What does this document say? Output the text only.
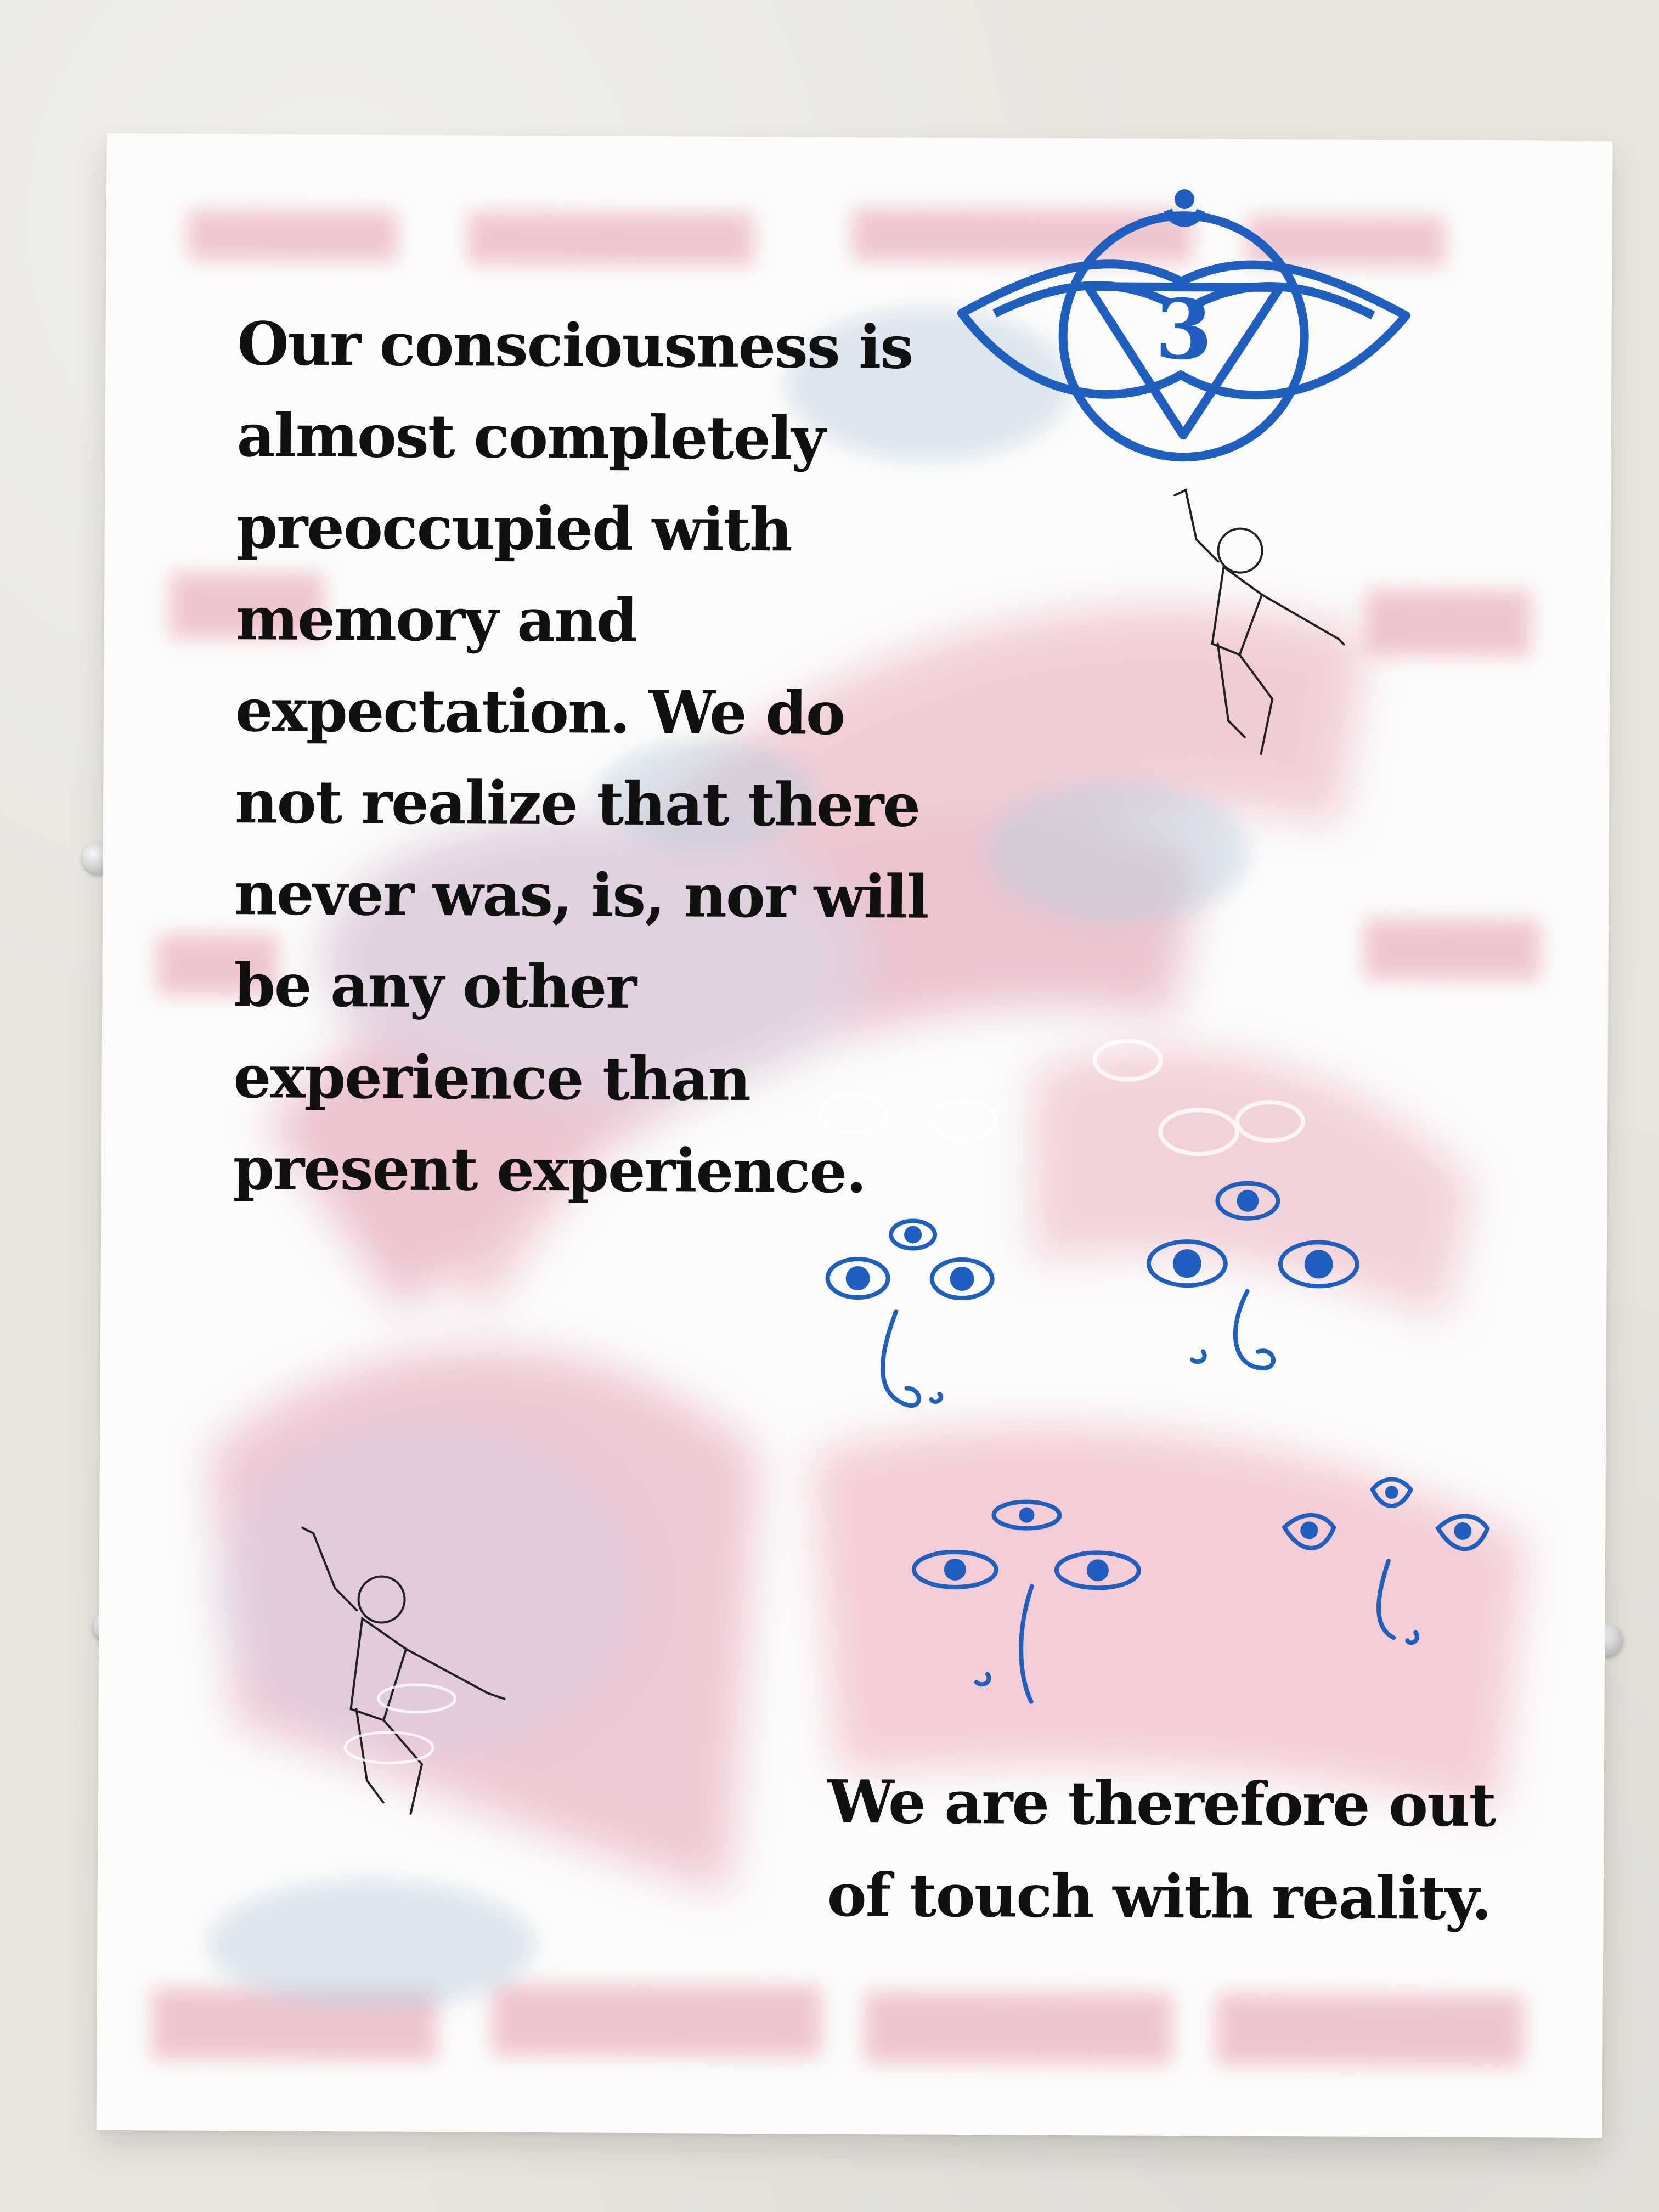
Our consciousness is
almost completely
preoccupied with
memory and
expectation. We do
not realize that there
never was, is, nor will
be any other
experience than
present experience.
We are therefore out
of touch with reality.
3
